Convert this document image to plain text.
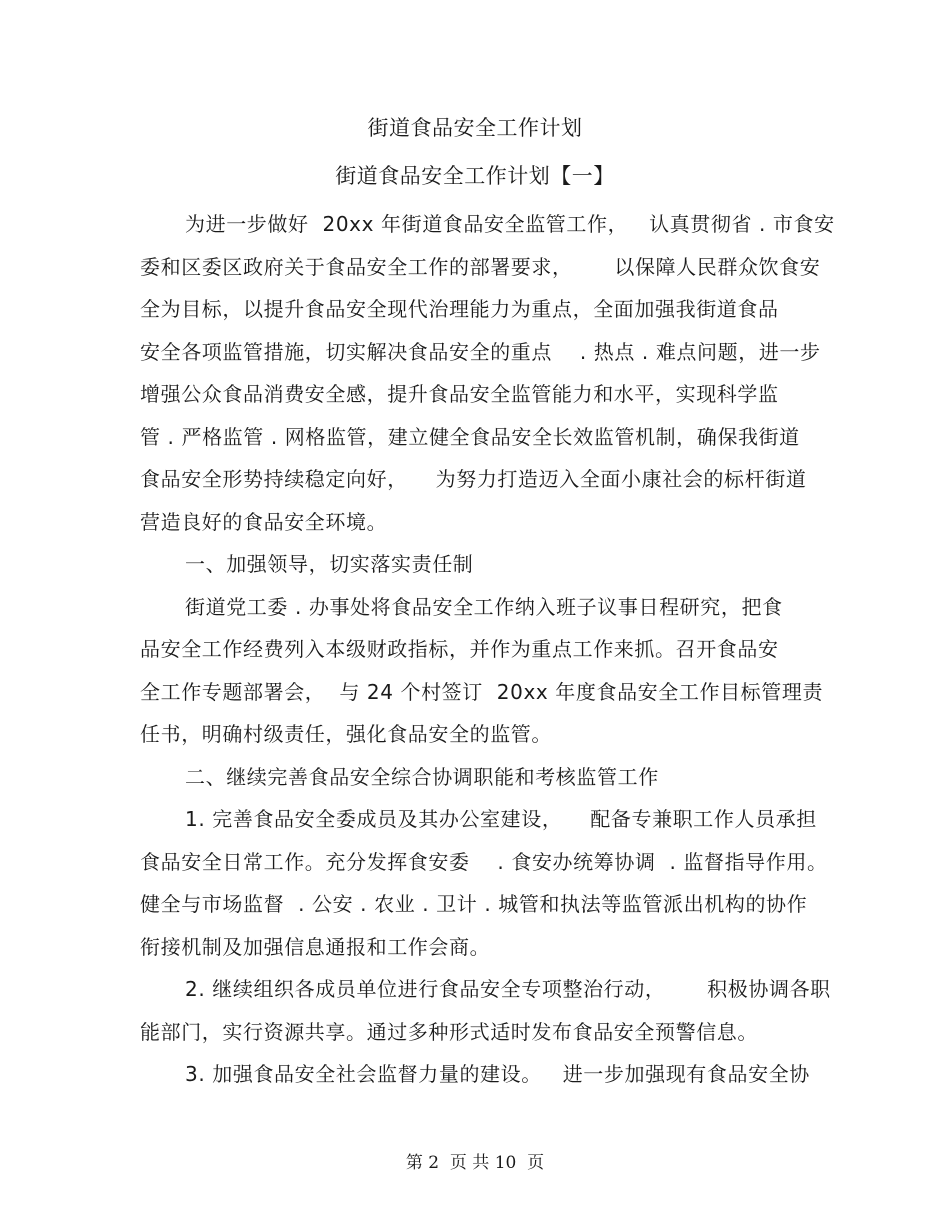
街道食品安全工作计划
街道食品安全工作计划【一】
为进一步做好  20xx 年街道食品安全监管工作，   认真贯彻省 . 市食安
委和区委区政府关于食品安全工作的部署要求，      以保障人民群众饮食安
全为目标，以提升食品安全现代治理能力为重点，全面加强我街道食品
安全各项监管措施，切实解决食品安全的重点    . 热点 . 难点问题，进一步
增强公众食品消费安全感，提升食品安全监管能力和水平，实现科学监
管 . 严格监管 . 网格监管，建立健全食品安全长效监管机制，确保我街道
食品安全形势持续稳定向好，    为努力打造迈入全面小康社会的标杆街道
营造良好的食品安全环境。
一、加强领导，切实落实责任制
街道党工委 . 办事处将食品安全工作纳入班子议事日程研究，把食
品安全工作经费列入本级财政指标，并作为重点工作来抓。召开食品安
全工作专题部署会，  与 24 个村签订  20xx 年度食品安全工作目标管理责
任书，明确村级责任，强化食品安全的监管。
二、继续完善食品安全综合协调职能和考核监管工作
1. 完善食品安全委成员及其办公室建设，    配备专兼职工作人员承担
食品安全日常工作。充分发挥食安委    . 食安办统筹协调  . 监督指导作用。
健全与市场监督  . 公安 . 农业 . 卫计 . 城管和执法等监管派出机构的协作
衔接机制及加强信息通报和工作会商。
2. 继续组织各成员单位进行食品安全专项整治行动，      积极协调各职
能部门，实行资源共享。通过多种形式适时发布食品安全预警信息。
3. 加强食品安全社会监督力量的建设。   进一步加强现有食品安全协
第 2  页 共 10  页
